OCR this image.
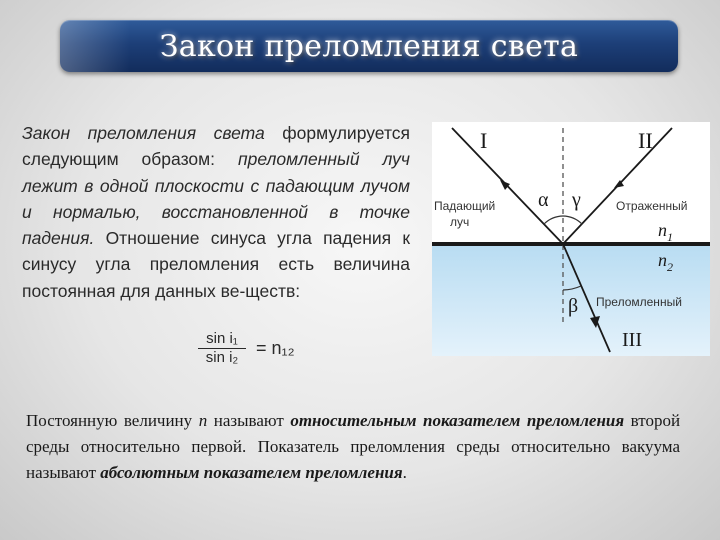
Закон преломления света
Закон преломления света формулируется следующим образом: преломленный луч лежит в одной плоскости с падающим лучом и нормалью, восстановленной в точке падения. Отношение синуса угла падения к синусу угла преломления есть величина постоянная для данных ве-ществ:
$\frac{\text{sin i₁}}{\text{sin i₂}} = n_{12}$
I	II
III
α γ
β
Падающий
луч
Отраженный
Преломленный
$n_1$
$n_2$
Постоянную величину n называют относительным показателем преломления второй среды относительно первой. Показатель преломления среды относительно вакуума называют абсолютным показателем преломления.
